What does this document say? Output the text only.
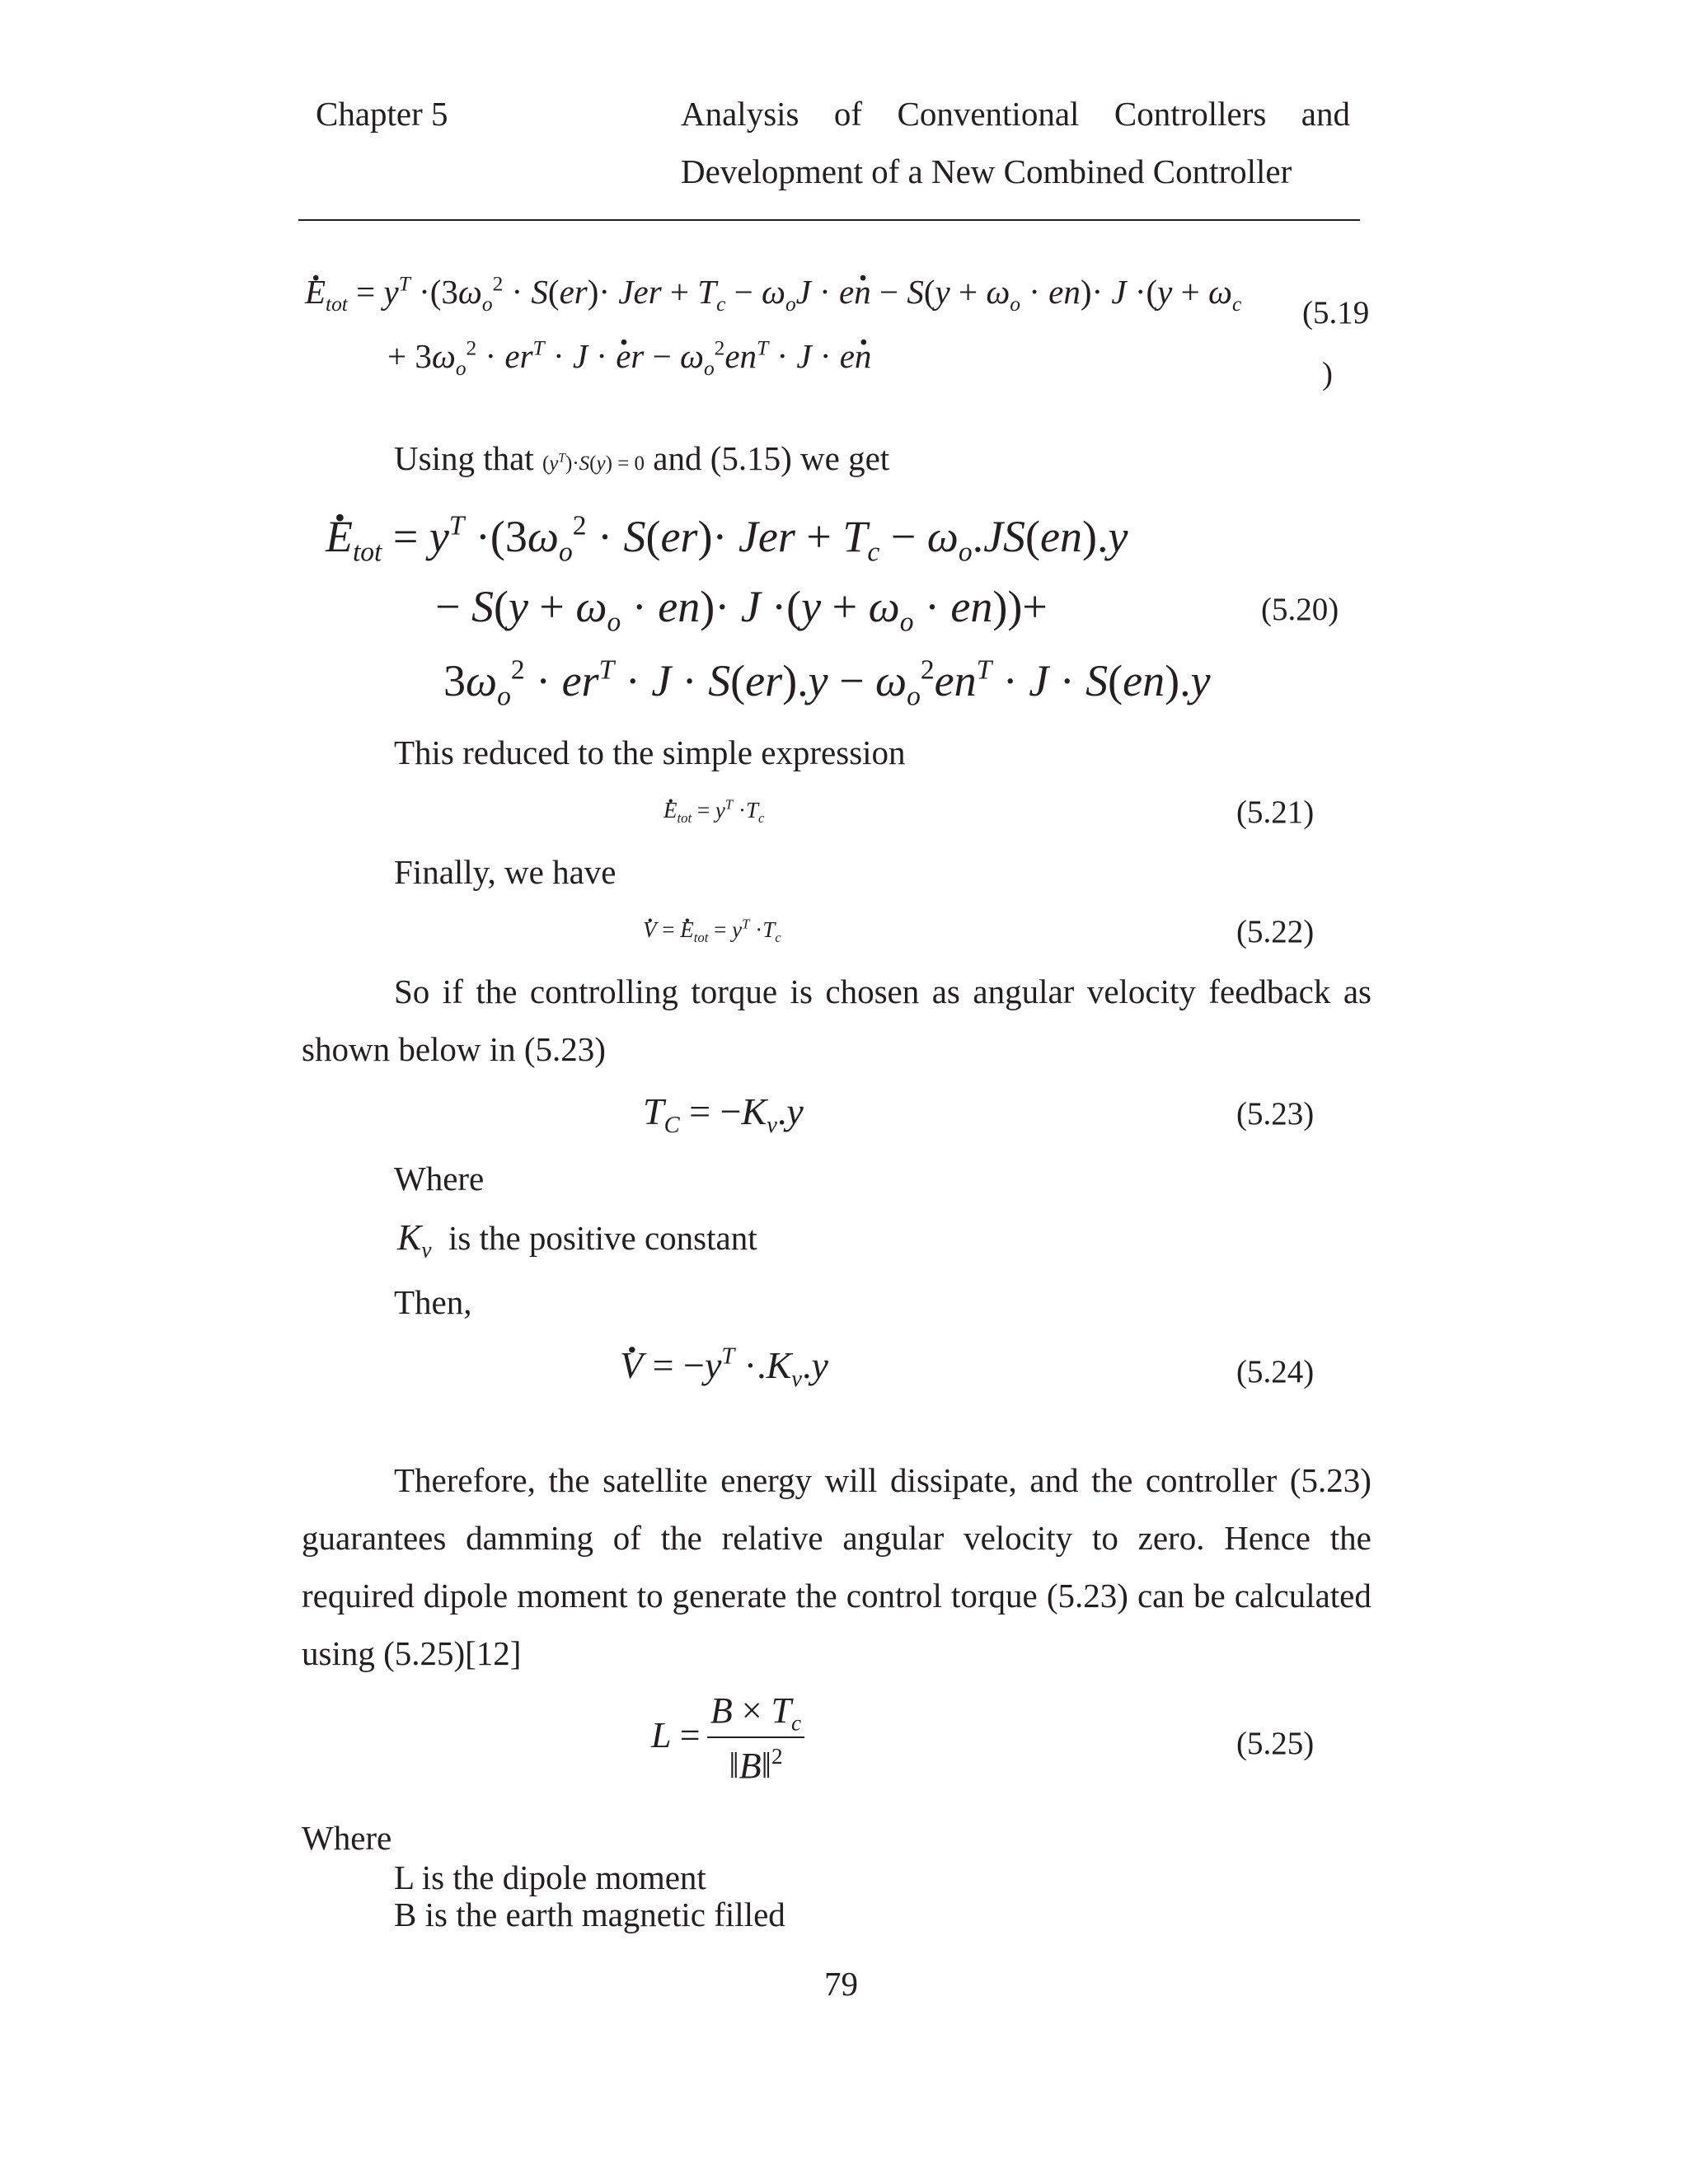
Chapter 5	Analysis of Conventional Controllers and
Development of a New Combined Controller
· $E_{tot} = y^T \cdot(3\omega_o^2 \cdot S(er)\cdot$ Jer + $T_c - \omega_oJ \cdot e\cdot n - S(y + \omega_o \cdot en)\cdot J \cdot(y + \omega_c$
+ $3\omega_o^2 \cdot er^T \cdot J$ · · er − $\omega_o^2en^T \cdot J \cdot e\cdot n$
(5.19
)
Using that $(y^T)\cdot S(y) = 0$ and (5.15) we get
· $E_{tot} = y^T \cdot(3\omega_o^2 \cdot S(er)\cdot$ Jer + $T_c - \omega_o.JS(en).y$
− $S(y + \omega_o \cdot en)\cdot J \cdot(y + \omega_o \cdot en))+$
$3\omega_o^2 \cdot er^T \cdot J \cdot S(er).y - \omega_o^2en^T \cdot J \cdot S(en).y$
(5.20)
This reduced to the simple expression
· $E_{tot} = y^T \cdot T_c$	(5.21)
Finally, we have
· V = · $E_{tot} = y^T \cdot T_c$	(5.22)
So if the controlling torque is chosen as angular velocity feedback as
shown below in (5.23)
$T_C = -K_v.y$	(5.23)
Where
$K_v$ is the positive constant
Then,
· $V = -y^T \cdot.K_v.y$	(5.24)
Therefore, the satellite energy will dissipate, and the controller (5.23)
guarantees damming of the relative angular velocity to zero. Hence the
required dipole moment to generate the control torque (5.23) can be calculated
using (5.25)[12]
L =
$B \times T_c$
‖B‖$^2$	(5.25)
Where
L is the dipole moment
B is the earth magnetic filled
79
